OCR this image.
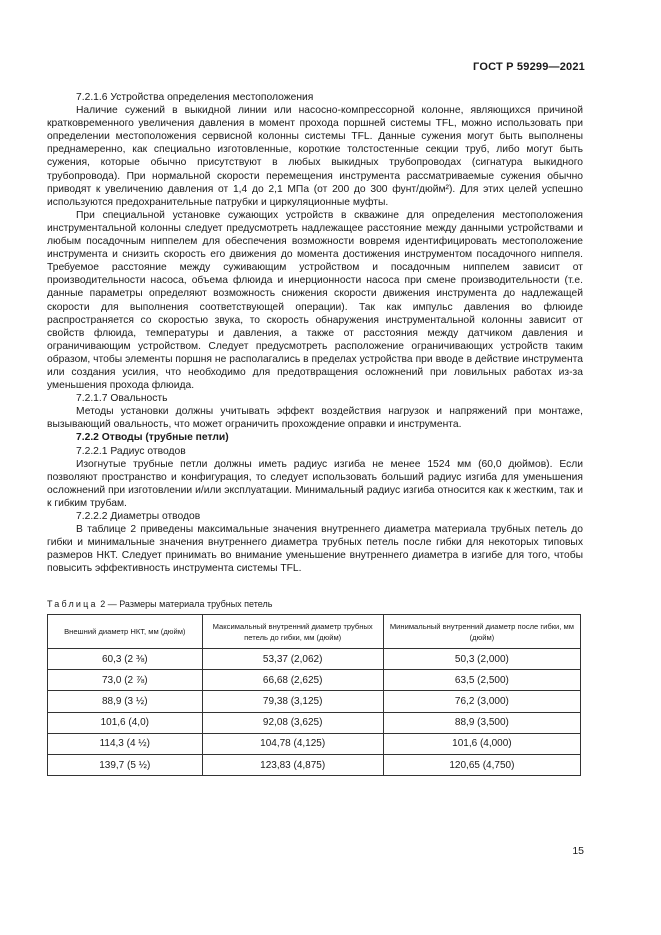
ГОСТ Р 59299—2021

7.2.1.6 Устройства определения местоположения

Наличие сужений в выкидной линии или насосно-компрессорной колонне, являющихся причиной кратковременного увеличения давления в момент прохода поршней системы TFL, можно использовать при определении местоположения сервисной колонны системы TFL. Данные сужения могут быть выполнены преднамеренно, как специально изготовленные, короткие толстостенные секции труб, либо могут быть сужения, которые обычно присутствуют в любых выкидных трубопроводах (сигнатура выкидного трубопровода). При нормальной скорости перемещения инструмента рассматриваемые сужения обычно приводят к увеличению давления от 1,4 до 2,1 МПа (от 200 до 300 фунт/дюйм²). Для этих целей успешно используются предохранительные патрубки и циркуляционные муфты.

При специальной установке сужающих устройств в скважине для определения местоположения инструментальной колонны следует предусмотреть надлежащее расстояние между данными устройствами и любым посадочным ниппелем для обеспечения возможности вовремя идентифицировать местоположение инструмента и снизить скорость его движения до момента достижения инструментом посадочного ниппеля. Требуемое расстояние между суживающим устройством и посадочным ниппелем зависит от производительности насоса, объема флюида и инерционности насоса при смене производительности (т.е. данные параметры определяют возможность снижения скорости движения инструмента до надлежащей скорости для выполнения соответствующей операции). Так как импульс давления во флюиде распространяется со скоростью звука, то скорость обнаружения инструментальной колонны зависит от свойств флюида, температуры и давления, а также от расстояния между датчиком давления и ограничивающим устройством. Следует предусмотреть расположение ограничивающих устройств таким образом, чтобы элементы поршня не располагались в пределах устройства при вводе в действие инструмента или создания усилия, что необходимо для предотвращения осложнений при ловильных работах из-за уменьшения прохода флюида.

7.2.1.7 Овальность

Методы установки должны учитывать эффект воздействия нагрузок и напряжений при монтаже, вызывающий овальность, что может ограничить прохождение оправки и инструмента.

7.2.2 Отводы (трубные петли)

7.2.2.1 Радиус отводов

Изогнутые трубные петли должны иметь радиус изгиба не менее 1524 мм (60,0 дюймов). Если позволяют пространство и конфигурация, то следует использовать больший радиус изгиба для уменьшения осложнений при изготовлении и/или эксплуатации. Минимальный радиус изгиба относится как к жестким, так и к гибким трубам.

7.2.2.2 Диаметры отводов

В таблице 2 приведены максимальные значения внутреннего диаметра материала трубных петель до гибки и минимальные значения внутреннего диаметра трубных петель после гибки для некоторых типовых размеров НКТ. Следует принимать во внимание уменьшение внутреннего диаметра в изгибе для того, чтобы повысить эффективность инструмента системы TFL.

Таблица 2 — Размеры материала трубных петель
Внешний диаметр НКТ, мм (дюйм)	Максимальный внутренний диаметр трубных петель до гибки, мм (дюйм)	Минимальный внутренний диаметр после гибки, мм (дюйм)
60,3 (2 ⅜)	53,37 (2,062)	50,3 (2,000)
73,0 (2 ⅞)	66,68 (2,625)	63,5 (2,500)
88,9 (3 ½)	79,38 (3,125)	76,2 (3,000)
101,6 (4,0)	92,08 (3,625)	88,9 (3,500)
114,3 (4 ½)	104,78 (4,125)	101,6 (4,000)
139,7 (5 ½)	123,83 (4,875)	120,65 (4,750)
15
